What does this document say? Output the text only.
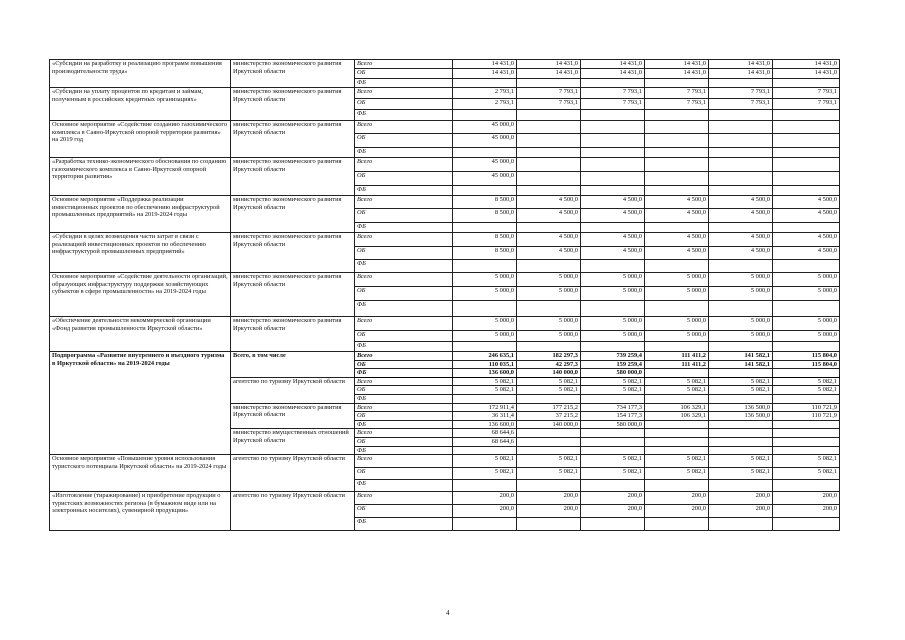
«Субсидии на разработку и реализацию программ повышения производительности труда»	министерство экономического развития Иркутской области	Всего	14 431,0	14 431,0	14 431,0	14 431,0	14 431,0	14 431,0
		ОБ	14 431,0	14 431,0	14 431,0	14 431,0	14 431,0	14 431,0
		ФБ						
«Субсидии на уплату процентов по кредитам и займам, полученным в российских кредитных организациях»	министерство экономического развития Иркутской области	Всего	2 793,1	7 793,1	7 793,1	7 793,1	7 793,1	7 793,1
		ОБ	2 793,1	7 793,1	7 793,1	7 793,1	7 793,1	7 793,1
		ФБ						
Основное мероприятие «Содействие созданию газохимического комплекса в Саяно-Иркутской опорной территории развития» на 2019 год	министерство экономического развития Иркутской области	Всего	45 000,0					
		ОБ	45 000,0					
		ФБ						
«Разработка технико-экономического обоснования по созданию газохимического комплекса в Саяно-Иркутской опорной территории развития»	министерство экономического развития Иркутской области	Всего	45 000,0					
		ОБ	45 000,0					
		ФБ						
Основное мероприятие «Поддержка реализации инвестиционных проектов по обеспечению инфраструктурой промышленных предприятий» на 2019-2024 годы	министерство экономического развития Иркутской области	Всего	8 500,0	4 500,0	4 500,0	4 500,0	4 500,0	4 500,0
		ОБ	8 500,0	4 500,0	4 500,0	4 500,0	4 500,0	4 500,0
		ФБ						
«Субсидии в целях возмещения части затрат в связи с реализацией инвестиционных проектов по обеспечению инфраструктурой промышленных предприятий»	министерство экономического развития Иркутской области	Всего	8 500,0	4 500,0	4 500,0	4 500,0	4 500,0	4 500,0
		ОБ	8 500,0	4 500,0	4 500,0	4 500,0	4 500,0	4 500,0
		ФБ						
Основное мероприятие «Содействие деятельности организаций, образующих инфраструктуру поддержки хозяйствующих субъектов в сфере промышленности» на 2019-2024 годы	министерство экономического развития Иркутской области	Всего	5 000,0	5 000,0	5 000,0	5 000,0	5 000,0	5 000,0
		ОБ	5 000,0	5 000,0	5 000,0	5 000,0	5 000,0	5 000,0
		ФБ						
«Обеспечение деятельности некоммерческой организации «Фонд развития промышленности Иркутской области»	министерство экономического развития Иркутской области	Всего	5 000,0	5 000,0	5 000,0	5 000,0	5 000,0	5 000,0
		ОБ	5 000,0	5 000,0	5 000,0	5 000,0	5 000,0	5 000,0
		ФБ						
Подпрограмма «Развитие внутреннего и въездного туризма в Иркутской области» на 2019-2024 годы	Всего, в том числе	Всего	246 635,1	182 297,3	739 259,4	111 411,2	141 582,1	115 804,0
		ОБ	110 035,1	42 297,3	159 259,4	111 411,2	141 582,1	115 804,0
		ФБ	136 600,0	140 000,0	580 000,0			
	агентство по туризму Иркутской области	Всего	5 082,1	5 082,1	5 082,1	5 082,1	5 082,1	5 082,1
		ОБ	5 082,1	5 082,1	5 082,1	5 082,1	5 082,1	5 082,1
		ФБ						
	министерство экономического развития Иркутской области	Всего	172 911,4	177 215,2	734 177,3	106 329,1	136 500,0	110 721,9
		ОБ	36 311,4	37 215,2	154 177,3	106 329,1	136 500,0	110 721,9
		ФБ	136 600,0	140 000,0	580 000,0			
	министерство имущественных отношений Иркутской области	Всего	68 644,6					
		ОБ	68 644,6					
		ФБ						
Основное мероприятие «Повышение уровня использования туристского потенциала Иркутской области» на 2019-2024 годы	агентство по туризму Иркутской области	Всего	5 082,1	5 082,1	5 082,1	5 082,1	5 082,1	5 082,1
		ОБ	5 082,1	5 082,1	5 082,1	5 082,1	5 082,1	5 082,1
		ФБ						
«Изготовление (тиражирование) и приобретение продукции о туристских возможностях региона (в бумажном виде или на электронных носителях), сувенирной продукции»	агентство по туризму Иркутской области	Всего	200,0	200,0	200,0	200,0	200,0	200,0
		ОБ	200,0	200,0	200,0	200,0	200,0	200,0
		ФБ						
4
